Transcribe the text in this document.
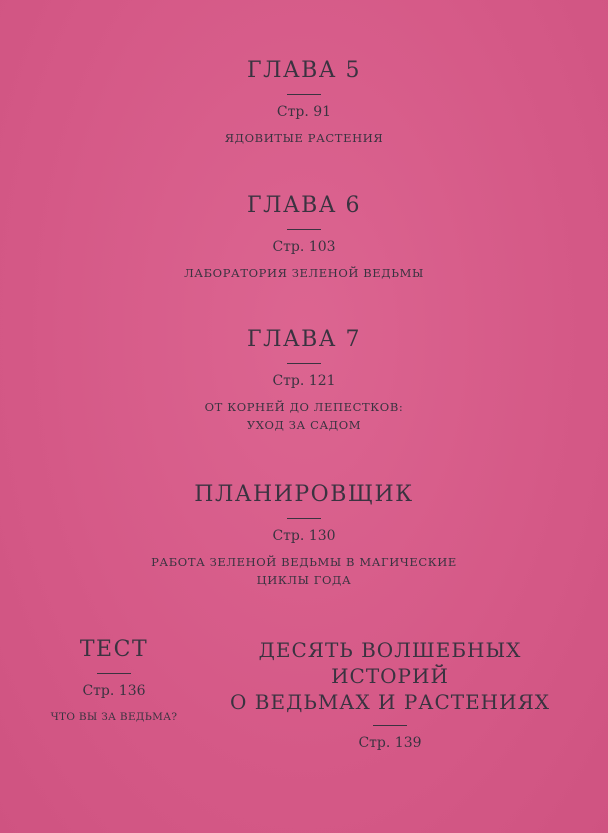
ГЛАВА 5
Стр. 91
ЯДОВИТЫЕ РАСТЕНИЯ
ГЛАВА 6
Стр. 103
ЛАБОРАТОРИЯ ЗЕЛЕНОЙ ВЕДЬМЫ
ГЛАВА 7
Стр. 121
ОТ КОРНЕЙ ДО ЛЕПЕСТКОВ:
УХОД ЗА САДОМ
ПЛАНИРОВЩИК
Стр. 130
РАБОТА ЗЕЛЕНОЙ ВЕДЬМЫ В МАГИЧЕСКИЕ
ЦИКЛЫ ГОДА
ТЕСТ
Стр. 136
ЧТО ВЫ ЗА ВЕДЬМА?
ДЕСЯТЬ ВОЛШЕБНЫХ ИСТОРИЙ
О ВЕДЬМАХ И РАСТЕНИЯХ
Стр. 139
